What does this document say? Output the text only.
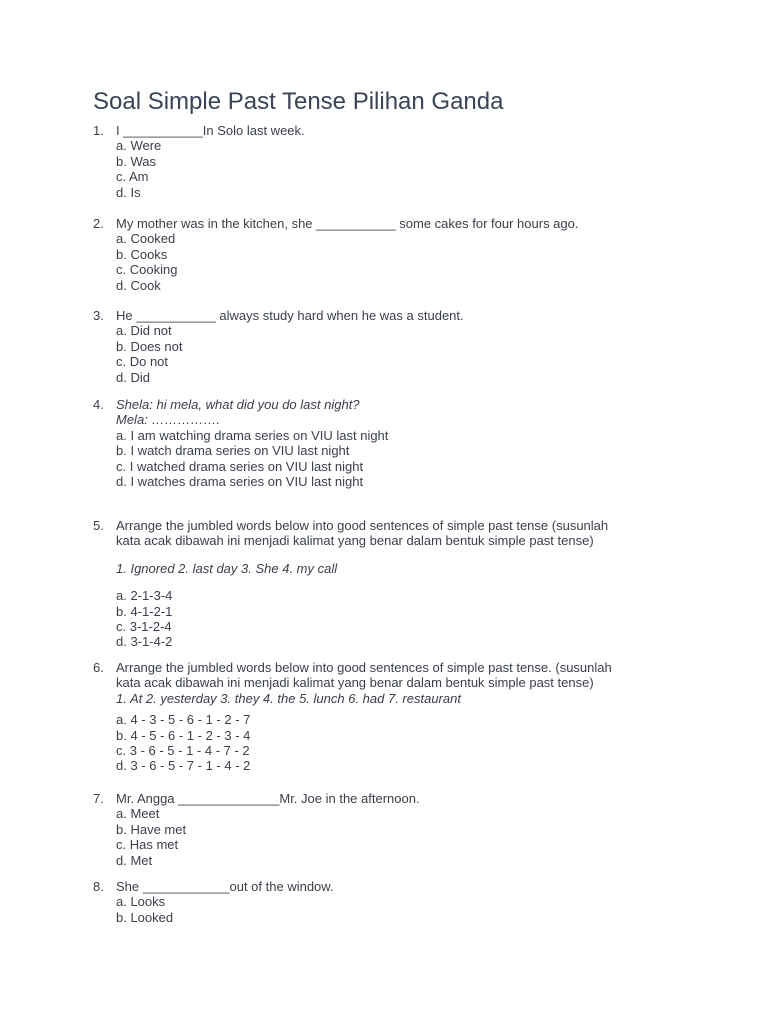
Soal Simple Past Tense Pilihan Ganda
1. I ___________In Solo last week.
a. Were
b. Was
c. Am
d. Is
2. My mother was in the kitchen, she ___________ some cakes for four hours ago.
a. Cooked
b. Cooks
c. Cooking
d. Cook
3. He ___________ always study hard when he was a student.
a. Did not
b. Does not
c. Do not
d. Did
4. Shela: hi mela, what did you do last night?
Mela: …………….
a. I am watching drama series on VIU last night
b. I watch drama series on VIU last night
c. I watched drama series on VIU last night
d. I watches drama series on VIU last night
5. Arrange the jumbled words below into good sentences of simple past tense (susunlah
kata acak dibawah ini menjadi kalimat yang benar dalam bentuk simple past tense)
1. Ignored 2. last day 3. She 4. my call
a. 2-1-3-4
b. 4-1-2-1
c. 3-1-2-4
d. 3-1-4-2
6. Arrange the jumbled words below into good sentences of simple past tense. (susunlah
kata acak dibawah ini menjadi kalimat yang benar dalam bentuk simple past tense)
1. At 2. yesterday 3. they 4. the 5. lunch 6. had 7. restaurant
a. 4 - 3 - 5 - 6 - 1 - 2 - 7
b. 4 - 5 - 6 - 1 - 2 - 3 - 4
c. 3 - 6 - 5 - 1 - 4 - 7 - 2
d. 3 - 6 - 5 - 7 - 1 - 4 - 2
7. Mr. Angga ______________Mr. Joe in the afternoon.
a. Meet
b. Have met
c. Has met
d. Met
8. She ____________out of the window.
a. Looks
b. Looked
